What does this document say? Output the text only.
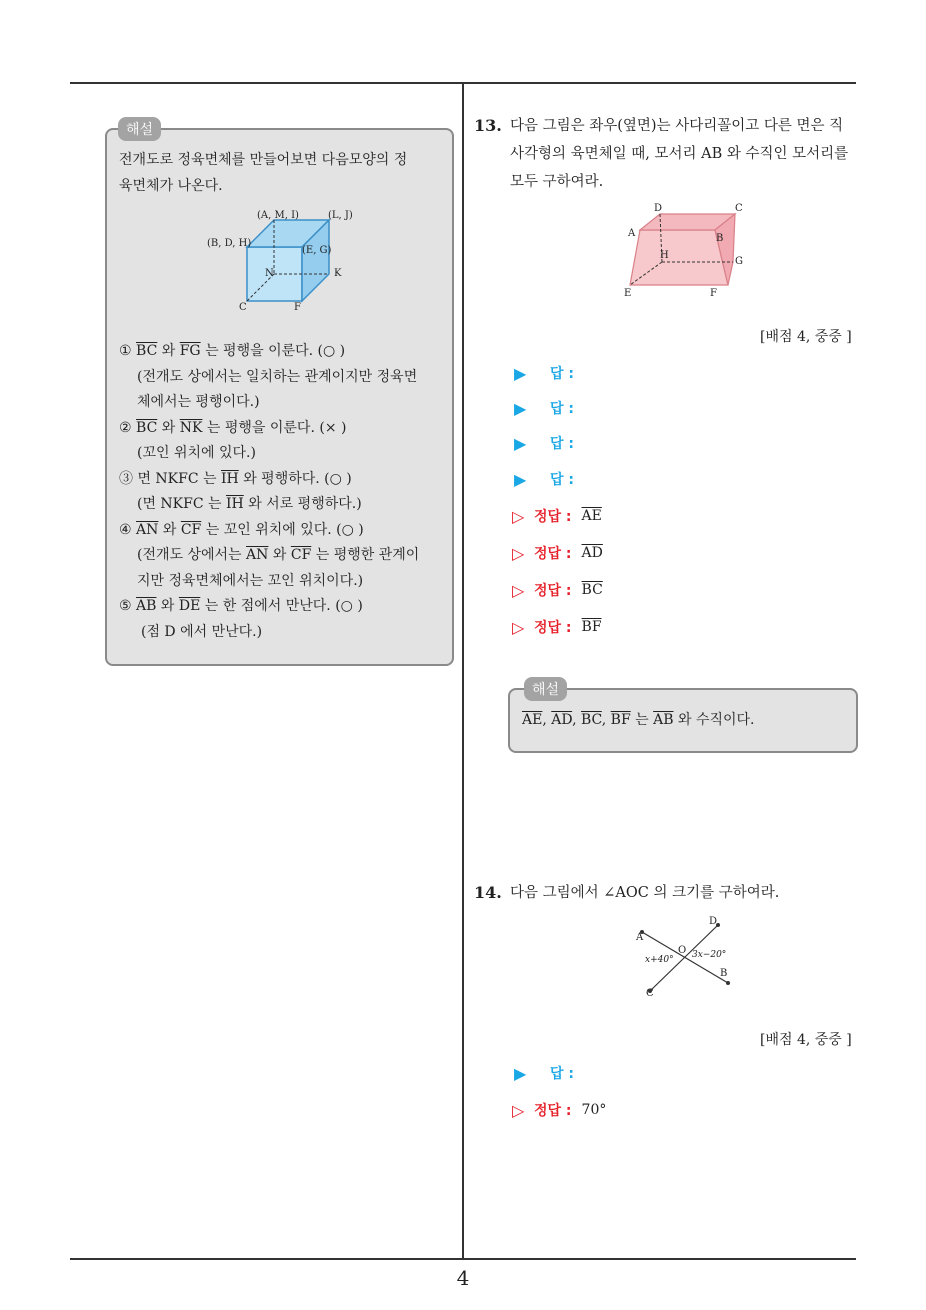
4
전개도로 정육면체를 만들어보면 다음모양의 정
육면체가 나온다.
(A, M, I)	(L, J)
(B, D, H)
(E, G)
N	K
C	F
① $\overline{BC}$ 와 $\overline{FG}$ 는 평행을 이룬다. (○ )
(전개도 상에서는 일치하는 관계이지만 정육면
체에서는 평행이다.)
② $\overline{BC}$ 와 $\overline{NK}$ 는 평행을 이룬다. (× )
(꼬인 위치에 있다.)
③ 면 NKFC 는 $\overline{IH}$ 와 평행하다. (○ )
(면 NKFC 는 $\overline{IH}$ 와 서로 평행하다.)
④ $\overline{AN}$ 와 $\overline{CF}$ 는 꼬인 위치에 있다. (○ )
(전개도 상에서는 $\overline{AN}$ 와 $\overline{CF}$ 는 평행한 관계이
지만 정육면체에서는 꼬인 위치이다.)
⑤ $\overline{AB}$ 와 $\overline{DE}$ 는 한 점에서 만난다. (○ )
(점 D 에서 만난다.)
해설	13. 다음 그림은 좌우(옆면)는 사다리꼴이고 다른 면은 직
사각형의 육면체일 때, 모서리 AB 와 수직인 모서리를
모두 구하여라.
D	C
A	B
H
G
E	F
[배점 4, 중중 ]
▶	답 :
▶	답 :
▶	답 :
▶	답 :
▷ 정답 : $\overline{AE}$
▷ 정답 : $\overline{AD}$
▷ 정답 : $\overline{BC}$
▷ 정답 : $\overline{BF}$
$\overline{AE}$, $\overline{AD}$, $\overline{BC}$, $\overline{BF}$ 는 $\overline{AB}$ 와 수직이다.
해설
14. 다음 그림에서 ∠AOC 의 크기를 구하여라.
A
D
O
x+40° 3x−20°
B
C
[배점 4, 중중 ]
▶	답 :
▷ 정답 : 70°
